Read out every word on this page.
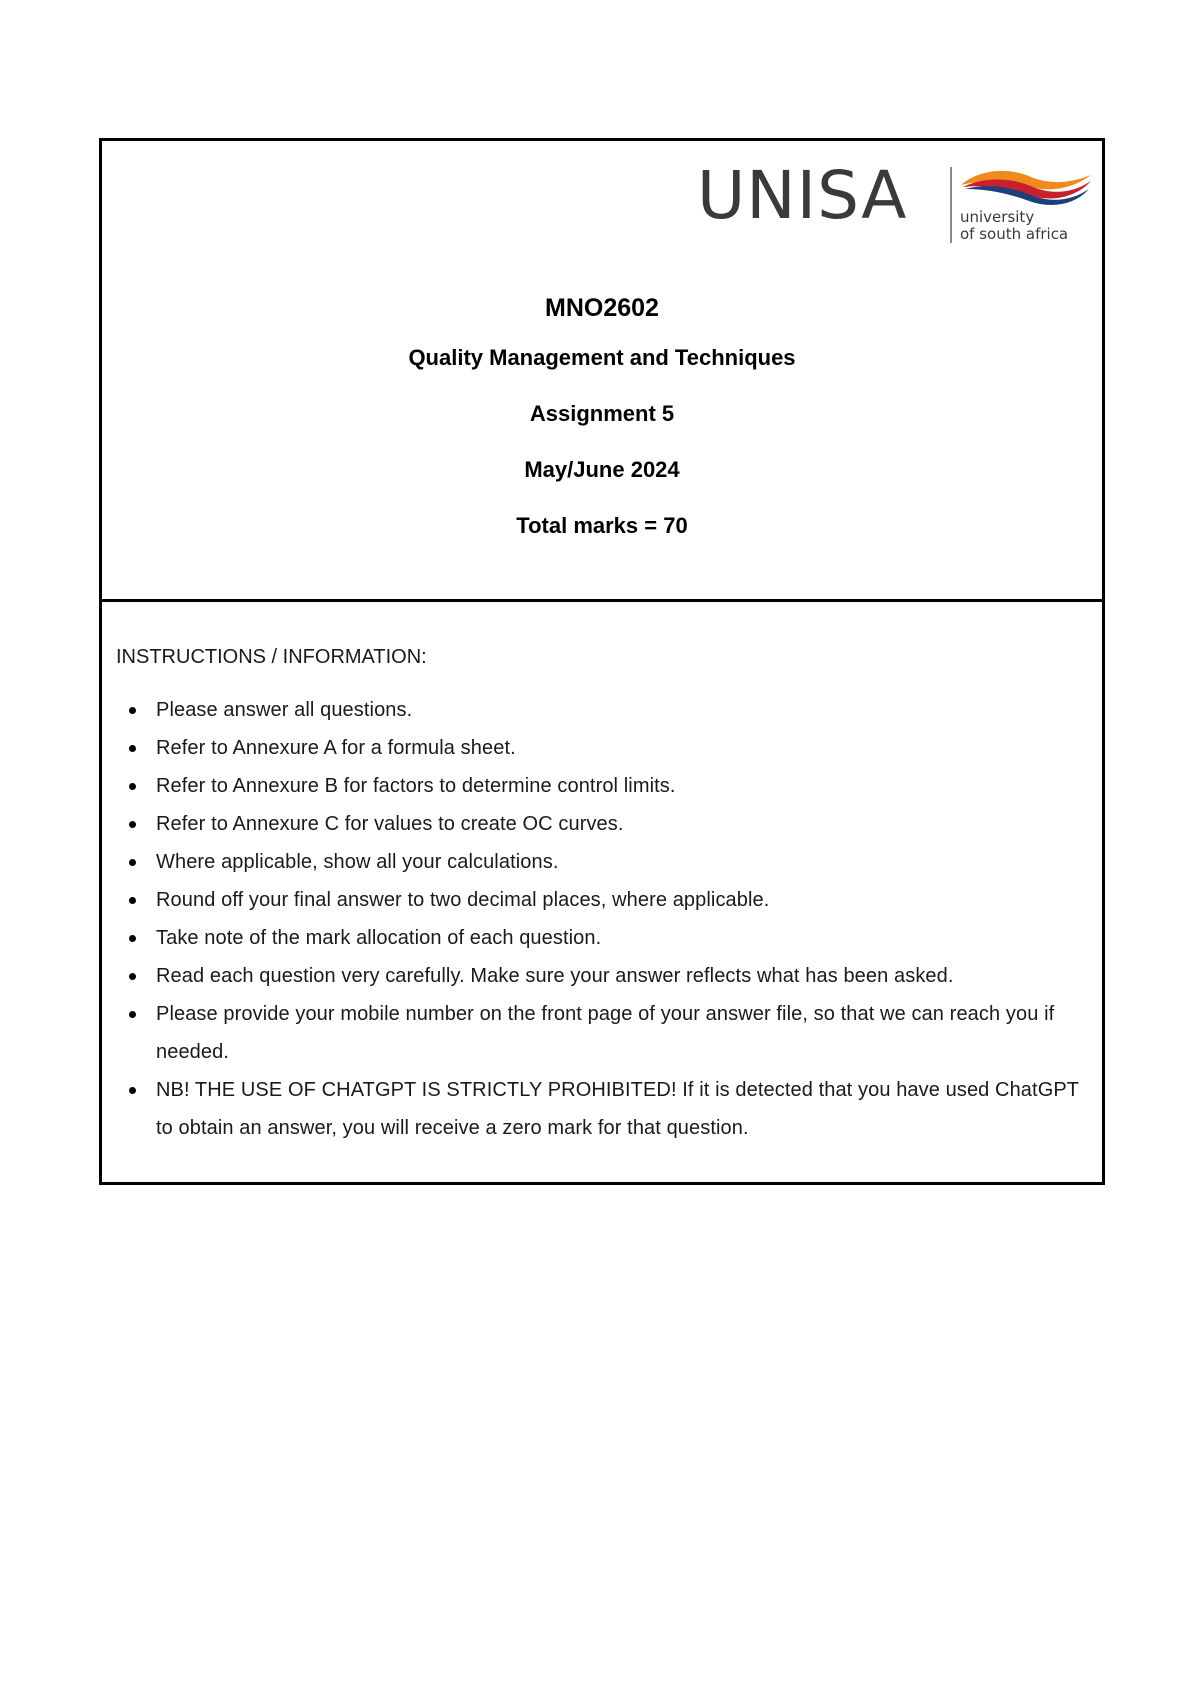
UNISA	university
of south africa

MNO2602

Quality Management and Techniques

Assignment 5

May/June 2024

Total marks = 70

INSTRUCTIONS / INFORMATION:

Please answer all questions.
Refer to Annexure A for a formula sheet.
Refer to Annexure B for factors to determine control limits.
Refer to Annexure C for values to create OC curves.
Where applicable, show all your calculations.
Round off your final answer to two decimal places, where applicable.
Take note of the mark allocation of each question.
Read each question very carefully. Make sure your answer reflects what has been asked.
Please provide your mobile number on the front page of your answer file, so that we can reach you if needed.
NB! THE USE OF CHATGPT IS STRICTLY PROHIBITED! If it is detected that you have used ChatGPT to obtain an answer, you will receive a zero mark for that question.
